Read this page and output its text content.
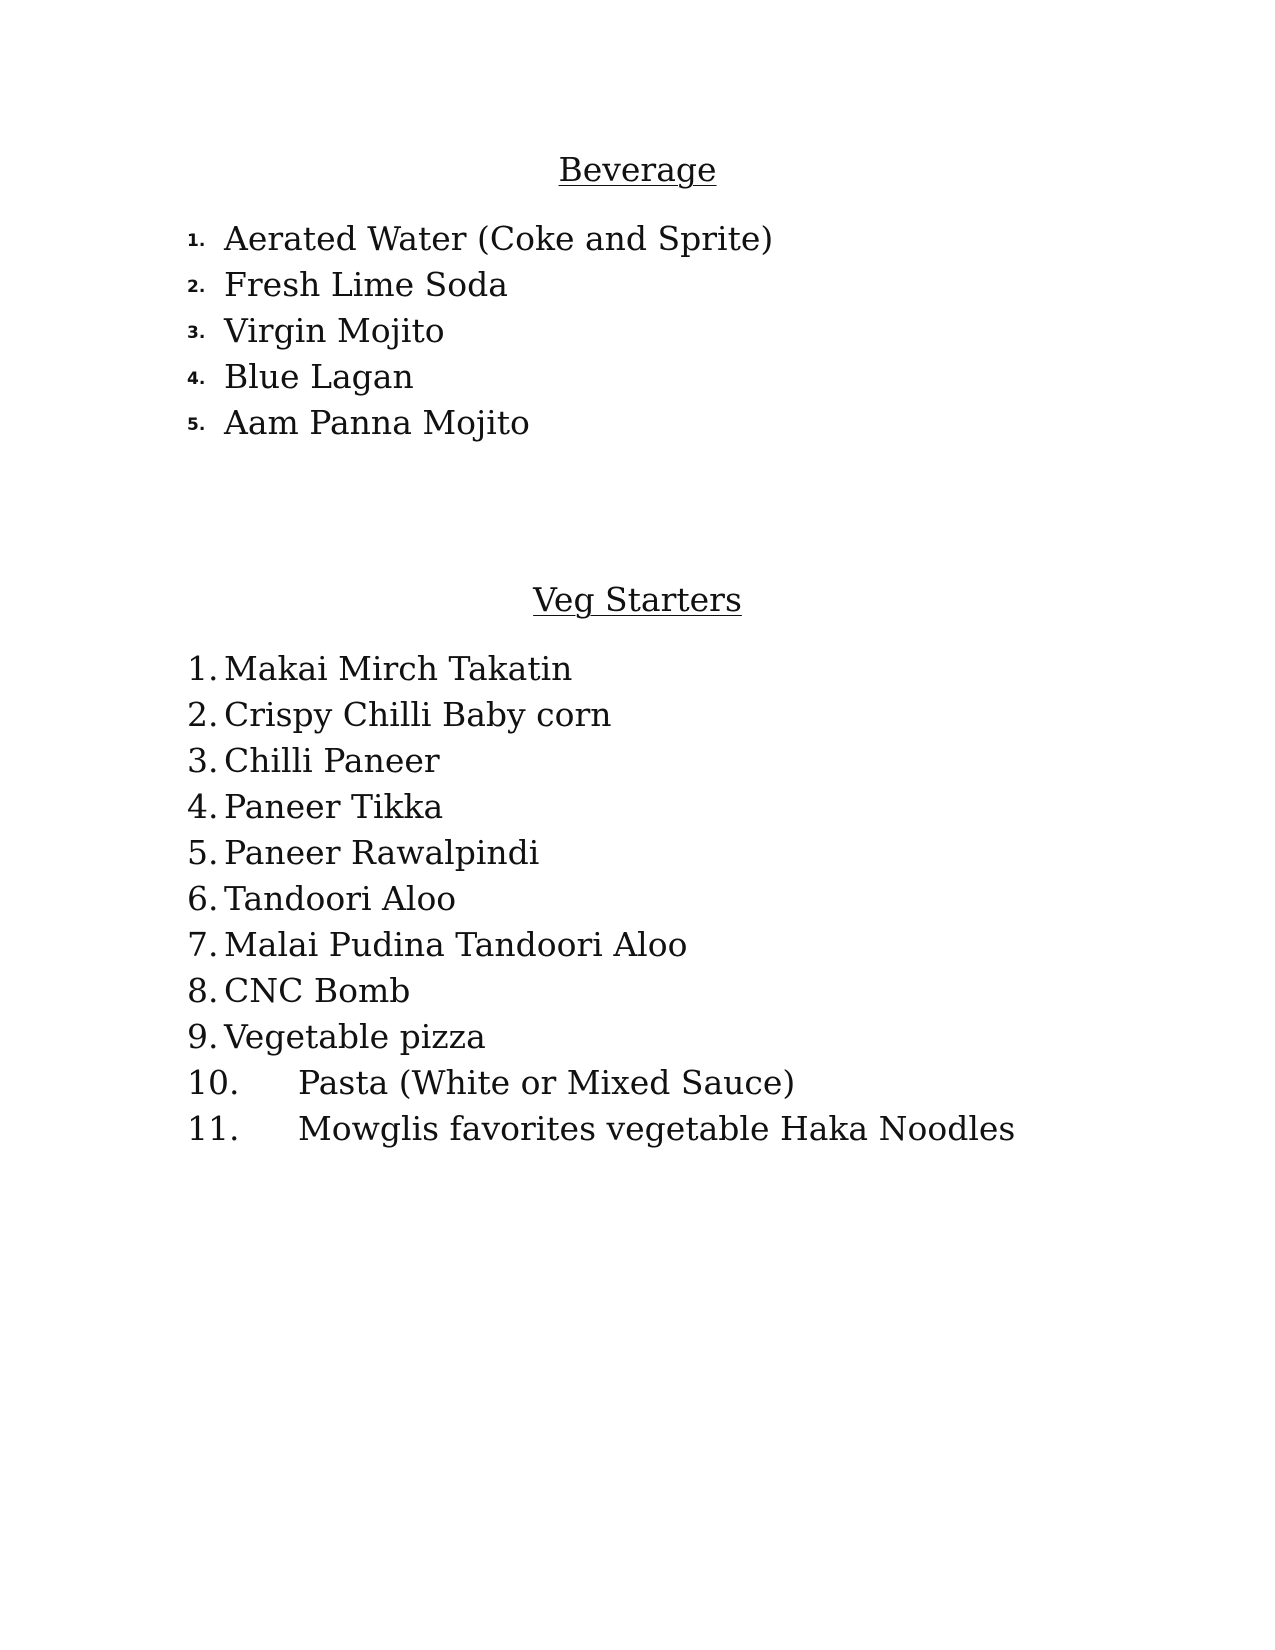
Beverage
1. Aerated Water (Coke and Sprite)
2. Fresh Lime Soda
3. Virgin Mojito
4. Blue Lagan
5. Aam Panna Mojito
Veg Starters
1. Makai Mirch Takatin
2. Crispy Chilli Baby corn
3. Chilli Paneer
4. Paneer Tikka
5. Paneer Rawalpindi
6. Tandoori Aloo
7. Malai Pudina Tandoori Aloo
8. CNC Bomb
9. Vegetable pizza
10. Pasta (White or Mixed Sauce)
11. Mowglis favorites vegetable Haka Noodles
